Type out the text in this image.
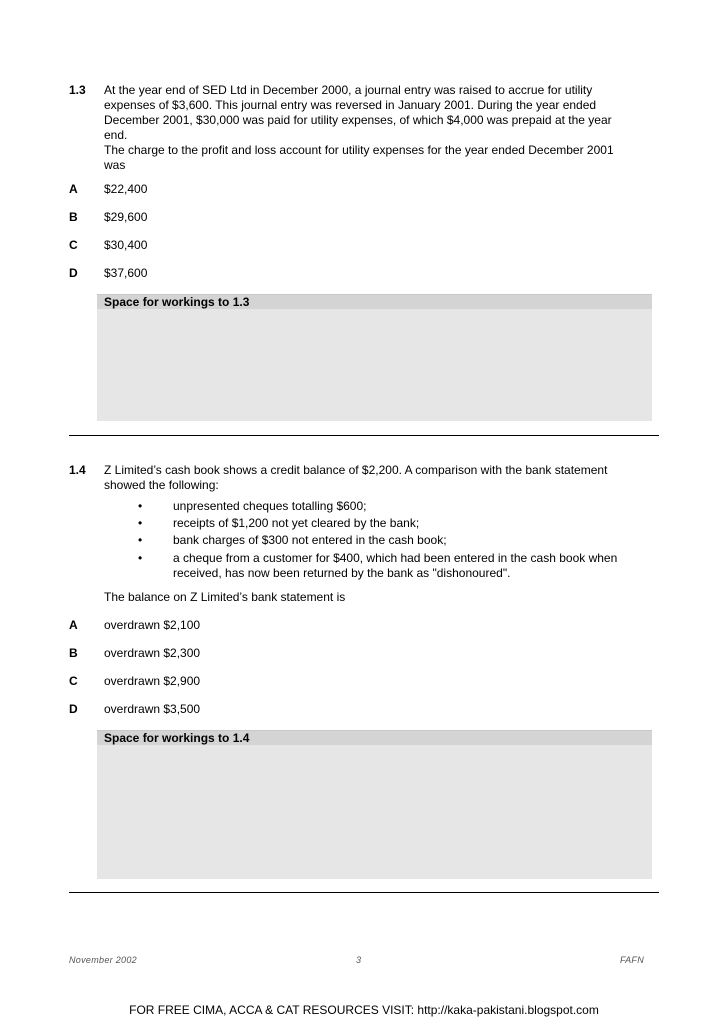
1.3 At the year end of SED Ltd in December 2000, a journal entry was raised to accrue for utility
expenses of $3,600. This journal entry was reversed in January 2001. During the year ended
December 2001, $30,000 was paid for utility expenses, of which $4,000 was prepaid at the year
end.
The charge to the profit and loss account for utility expenses for the year ended December 2001
was
A $22,400
B $29,600
C $30,400
D $37,600
Space for workings to 1.3
1.4 Z Limited’s cash book shows a credit balance of $2,200. A comparison with the bank statement
showed the following:
•	unpresented cheques totalling $600;
•	receipts of $1,200 not yet cleared by the bank;
•	bank charges of $300 not entered in the cash book;
•	a cheque from a customer for $400, which had been entered in the cash book when
received, has now been returned by the bank as "dishonoured".
The balance on Z Limited’s bank statement is
A overdrawn $2,100
B overdrawn $2,300
C overdrawn $2,900
D overdrawn $3,500
Space for workings to 1.4
November 2002	3	FAFN
FOR FREE CIMA, ACCA & CAT RESOURCES VISIT: http://kaka-pakistani.blogspot.com
